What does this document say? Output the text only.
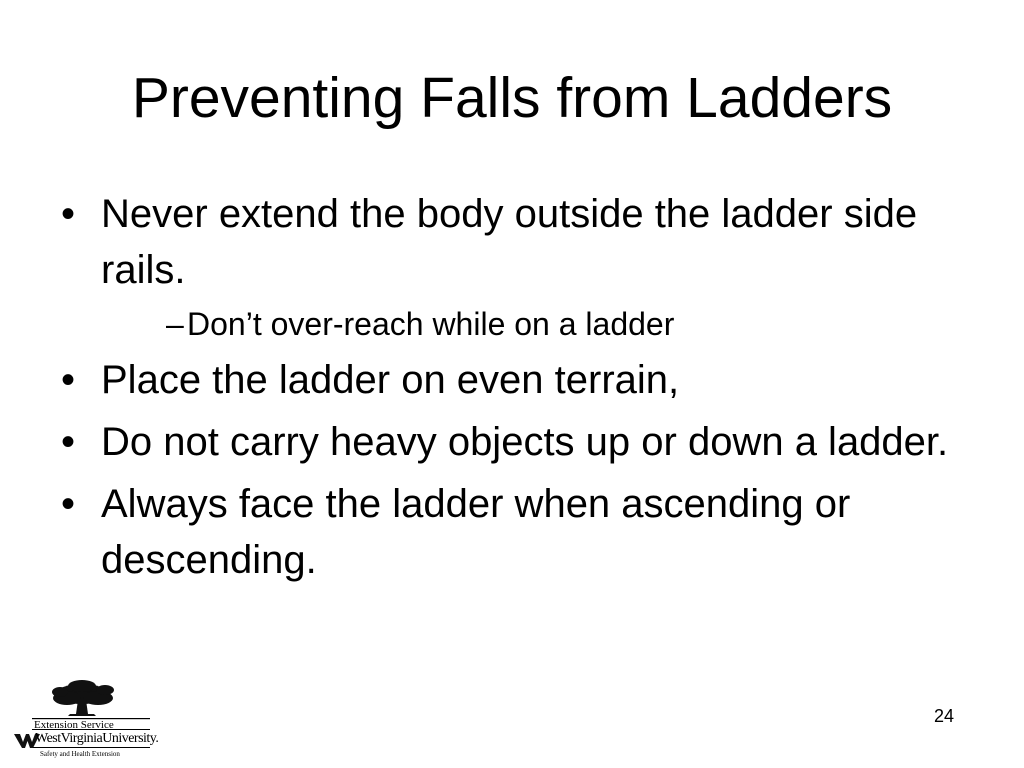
Preventing Falls from Ladders
• Never extend the body outside the ladder side rails.
– Don’t over-reach while on a ladder
• Place the ladder on even terrain,
• Do not carry heavy objects up or down a ladder.
• Always face the ladder when ascending or descending.
Extension Service
WestVirginiaUniversity.
Safety and Health Extension
24
